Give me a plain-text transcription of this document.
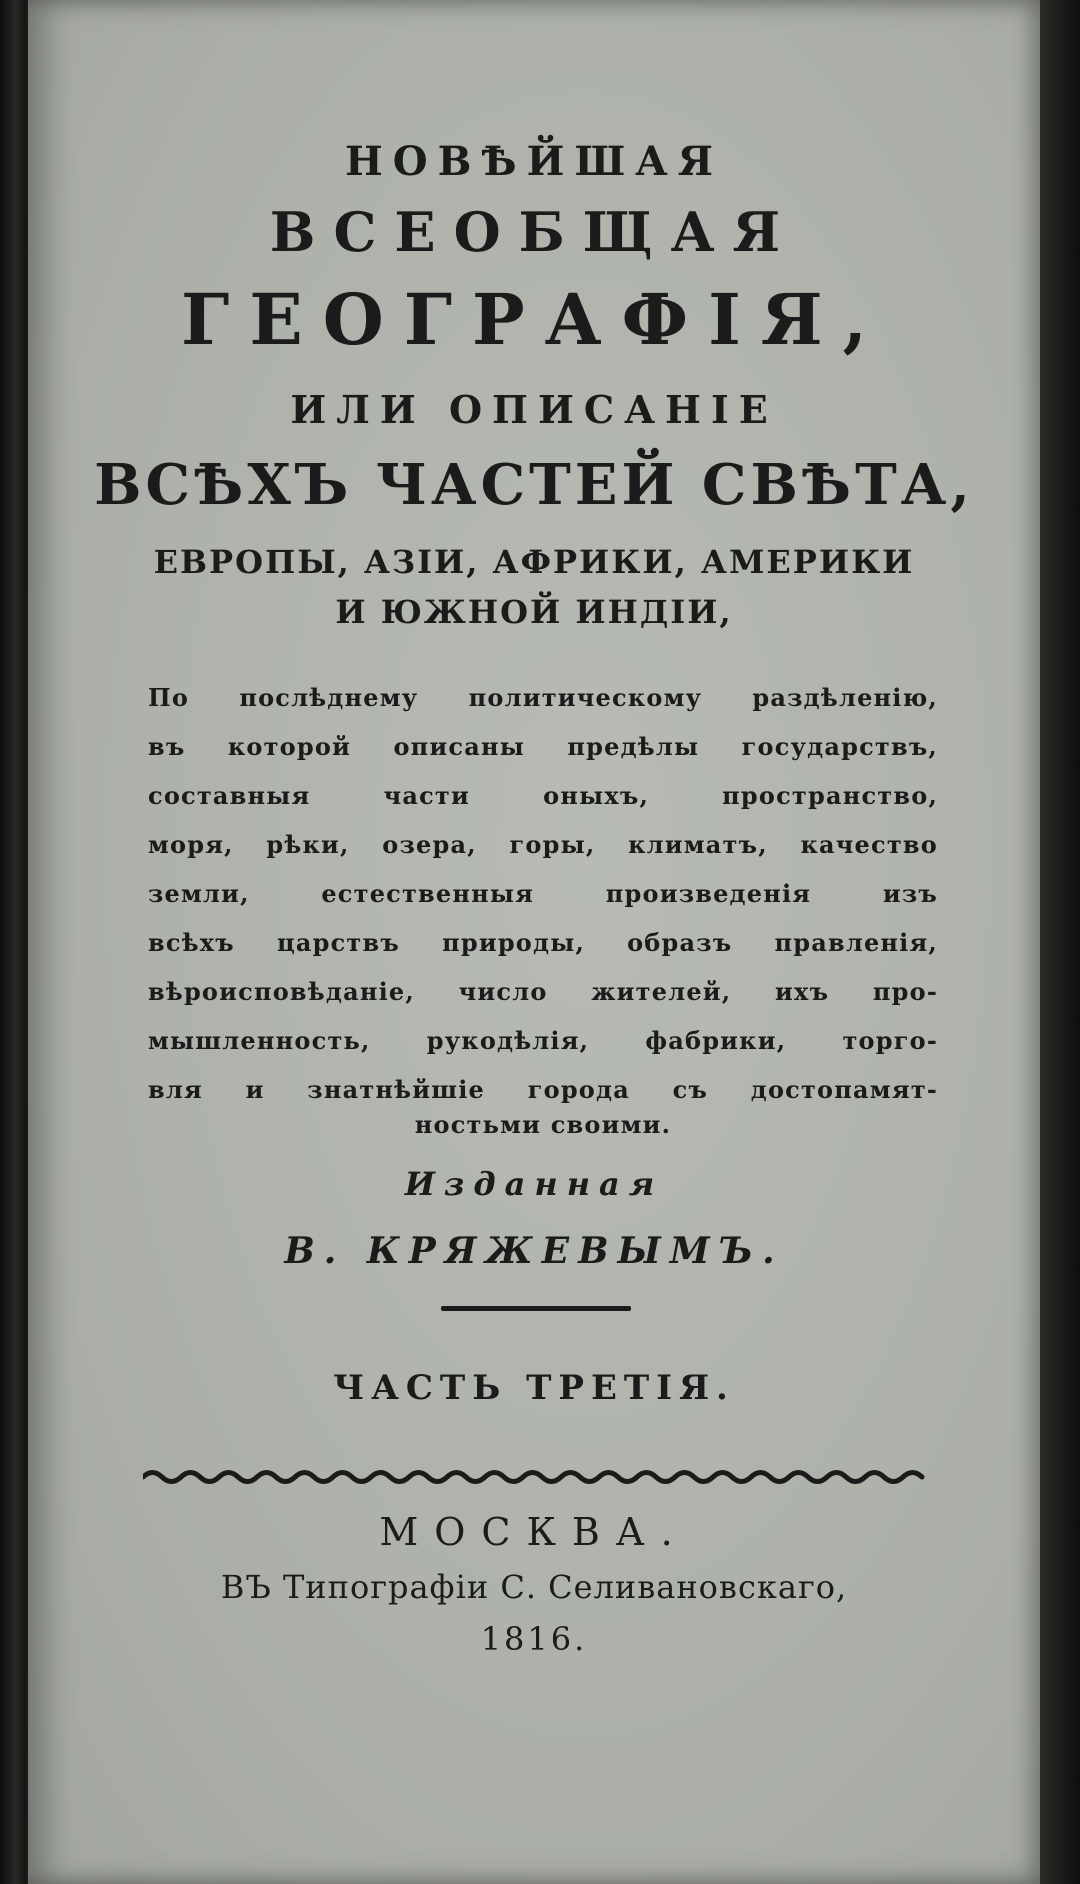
НОВѢЙШАЯ
ВСЕОБЩАЯ
ГЕОГРАФІЯ,
ИЛИ ОПИСАНІЕ
ВСѢХЪ ЧАСТЕЙ СВѢТА,
ЕВРОПЫ, АЗІИ, АФРИКИ, АМЕРИКИ
И ЮЖНОЙ ИНДІИ,
По послѣднему политическому раздѣленію,
въ которой описаны предѣлы государствъ,
составныя части оныхъ, пространство,
моря, рѣки, озера, горы, климатъ, качество
земли, естественныя произведенія изъ
всѣхъ царствъ природы, образъ правленія,
вѣроисповѣданіе, число жителей, ихъ про-
мышленность, рукодѣлія, фабрики, торго-
вля и знатнѣйшіе города съ достопамят-
ностьми своими.
Изданная
В. КРЯЖЕВЫМЪ.
ЧАСТЬ ТРЕТІЯ.
МОСКВА.
ВЪ Типографіи С. Селивановскаго,
1816.
